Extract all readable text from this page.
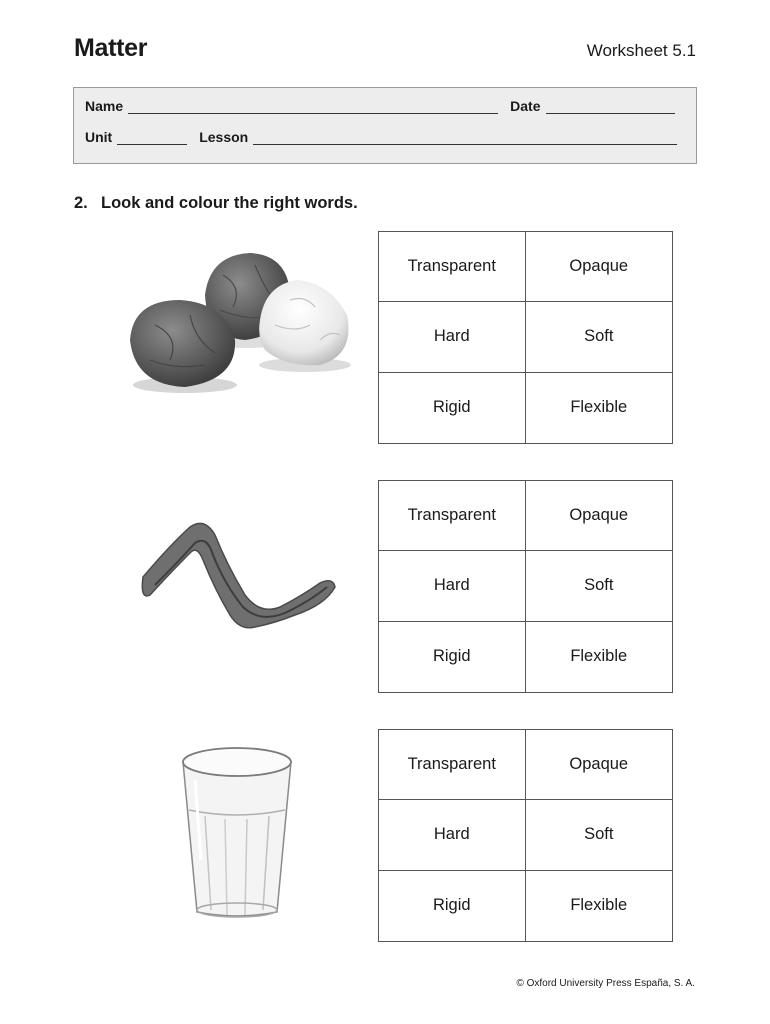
Matter	Worksheet 5.1
Name	Date
Unit	Lesson
2. Look and colour the right words.
Transparent	Opaque
Hard	Soft
Rigid	Flexible
Transparent	Opaque
Hard	Soft
Rigid	Flexible
Transparent	Opaque
Hard	Soft
Rigid	Flexible
© Oxford University Press España, S. A.
